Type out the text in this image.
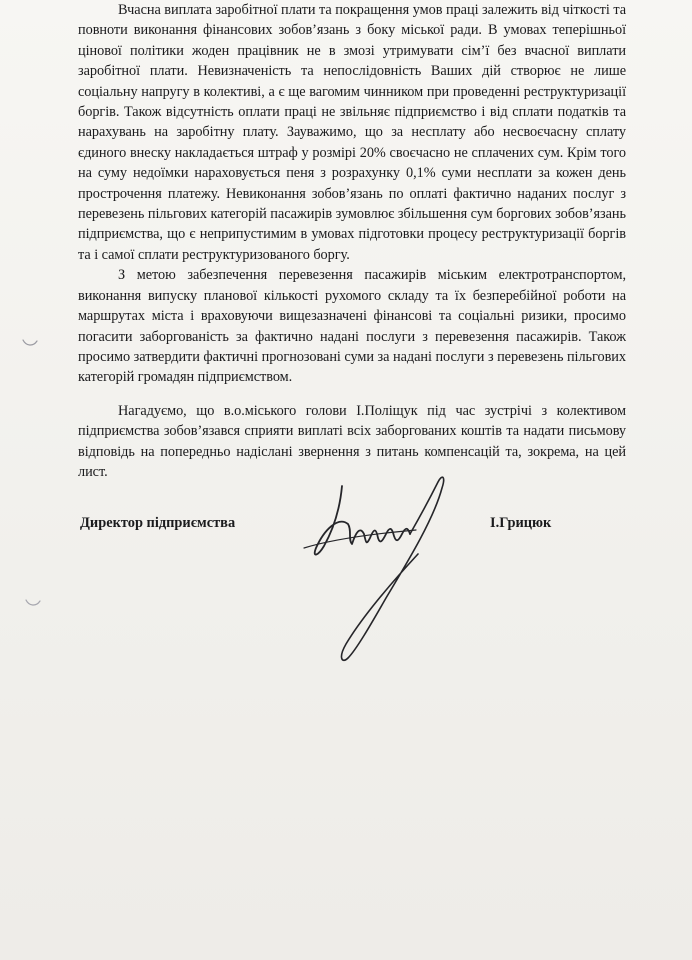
Вчасна виплата заробітної плати та покращення умов праці залежить від чіткості та повноти виконання фінансових зобов’язань з боку міської ради. В умовах теперішньої цінової політики жоден працівник не в змозі утримувати сім’ї без вчасної виплати заробітної плати. Невизначеність та непослідовність Ваших дій створює не лише соціальну напругу в колективі, а є ще вагомим чинником при проведенні реструктуризації боргів. Також відсутність оплати праці не звільняє підприємство і від сплати податків та нарахувань на заробітну плату. Зауважимо, що за несплату або несвоєчасну сплату єдиного внеску накладається штраф у розмірі 20% своєчасно не сплачених сум. Крім того на суму недоїмки нараховується пеня з розрахунку 0,1% суми несплати за кожен день прострочення платежу. Невиконання зобов’язань по оплаті фактично наданих послуг з перевезень пільгових категорій пасажирів зумовлює збільшення сум боргових зобов’язань підприємства, що є неприпустимим в умовах підготовки процесу реструктуризації боргів та і самої сплати реструктуризованого боргу.

З метою забезпечення перевезення пасажирів міським електротранспортом, виконання випуску планової кількості рухомого складу та їх безперебійної роботи на маршрутах міста і враховуючи вищезазначені фінансові та соціальні ризики, просимо погасити заборгованість за фактично надані послуги з перевезення пасажирів. Також просимо затвердити фактичні прогнозовані суми за надані послуги з перевезень пільгових категорій громадян підприємством.

Нагадуємо, що в.о.міського голови І.Поліщук під час зустрічі з колективом підприємства зобов’язався сприяти виплаті всіх заборгованих коштів та надати письмову відповідь на попередньо надіслані звернення з питань компенсацій та, зокрема, на цей лист.

Директор підприємства	І.Грицюк
